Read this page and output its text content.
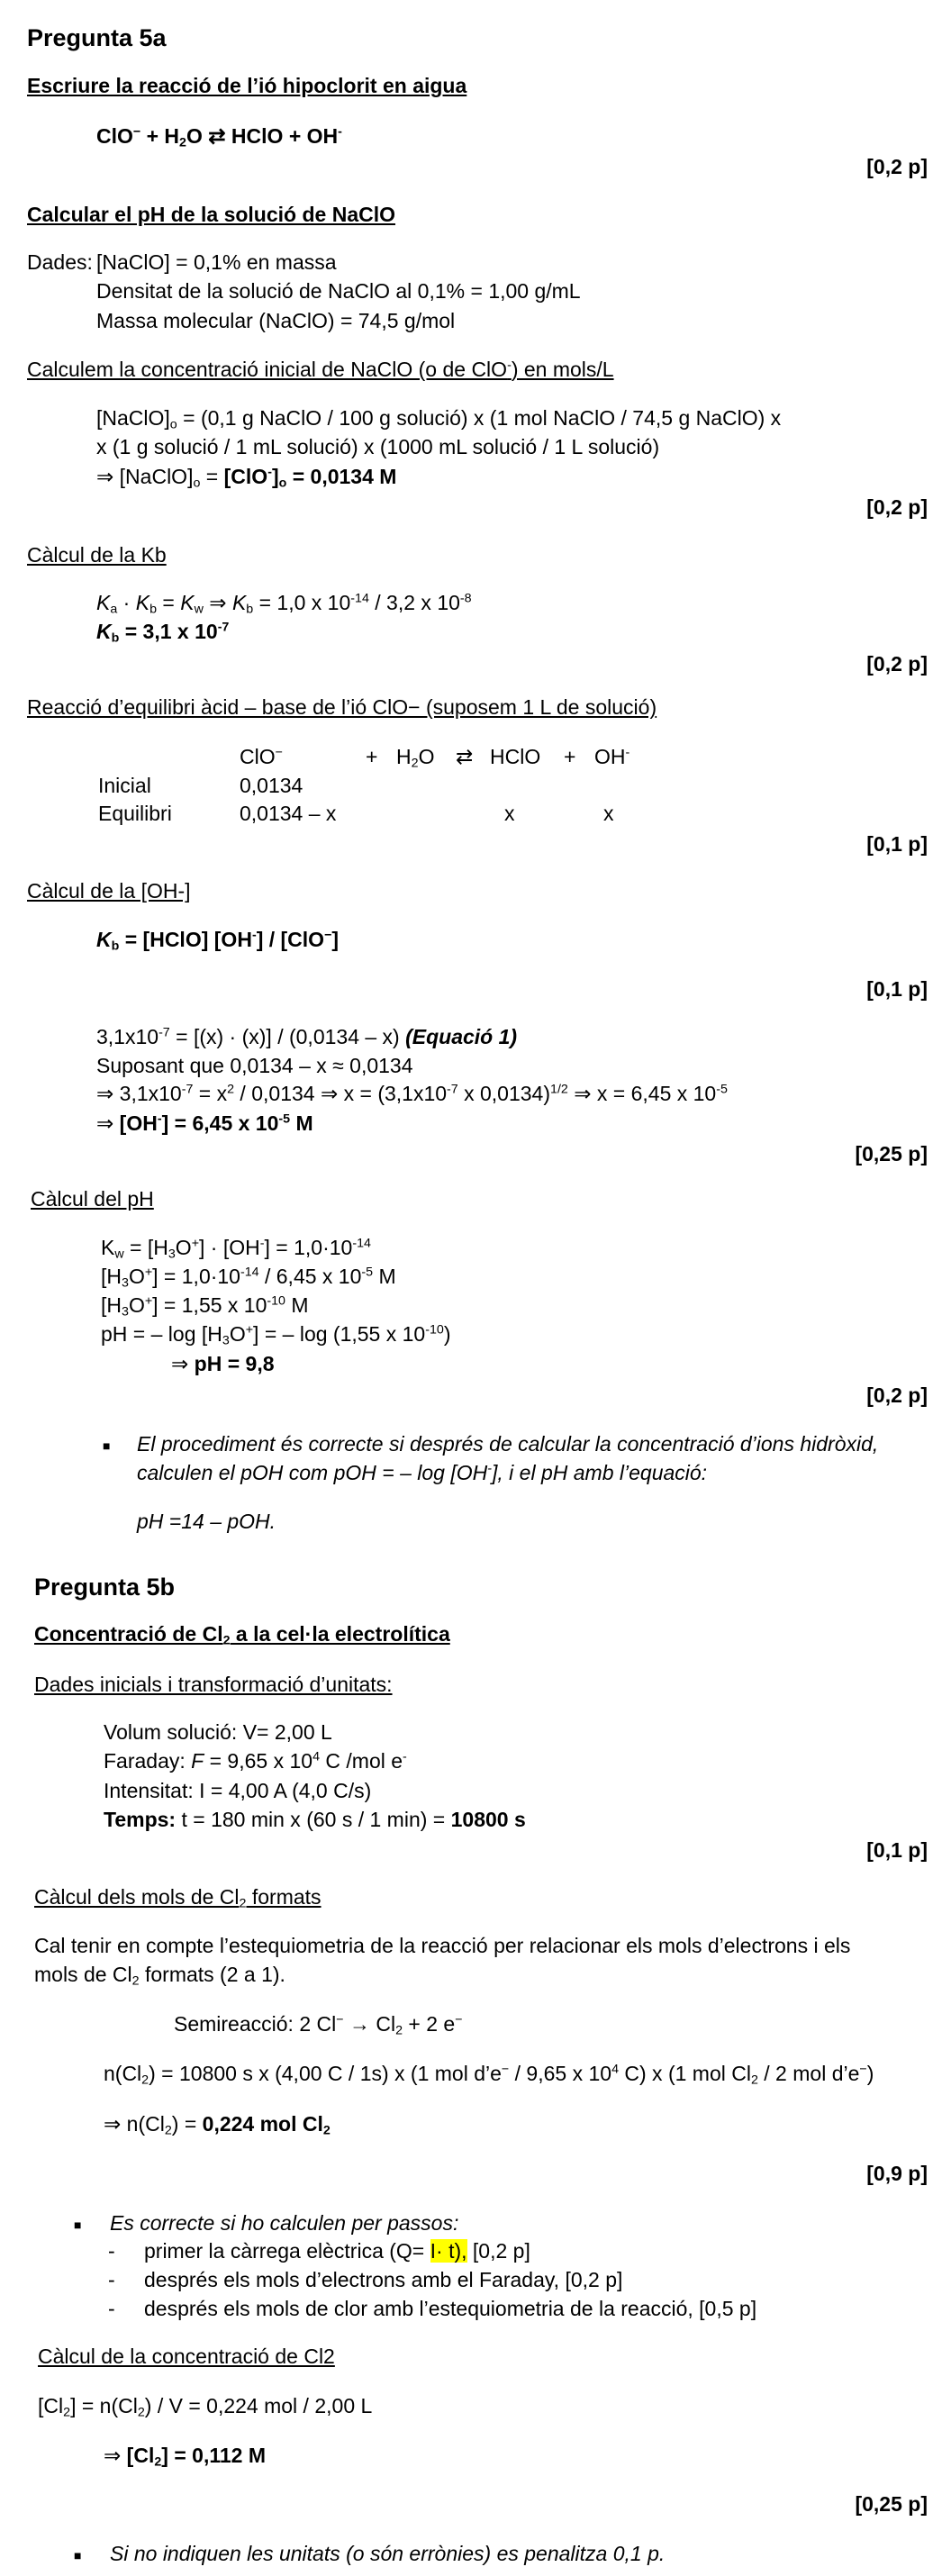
Pregunta 5a
Escriure la reacció de l’ió hipoclorit en aigua
$ClO^- + H_2O$ ⇄ HClO + OH-
[0,2 p]
Calcular el pH de la solució de NaClO
Dades: [NaClO] = 0,1% en massa
Densitat de la solució de NaClO al 0,1% = 1,00 g/mL
Massa molecular (NaClO) = 74,5 g/mol
Calculem la concentració inicial de NaClO (o de ClO-) en mols/L
$[NaClO]_o = (0,1$ g NaClO / 100 g solució) x (1 mol NaClO / 74,5 g NaClO) x
x (1 g solució / 1 mL solució) x (1000 mL solució / 1 L solució)
⇒ $[NaClO]_o = [ClO^-]_o = 0,0134$ M
[0,2 p]
Càlcul de la Kb
$K_a \cdot K_b = K_w$ ⇒ $K_b = 1,0$ x $10^{-14} / 3,2$ x $10^{-8}$
$K_b = 3,1$ x $10^{-7}$
[0,2 p]
Reacció d’equilibri àcid – base de l’ió ClO− (suposem 1 L de solució)
ClO−	+ $H_2O$ ⇄ HClO + OH-
Inicial	0,0134
Equilibri	0,0134 – x	x	x
[0,1 p]
Càlcul de la [OH-]
$K_b$ = [HClO] [OH-] / [ClO−]
[0,1 p]
$3,1x10^{-7} = [(x) \cdot (x)] / (0,0134 - x)$ (Equació 1)
Suposant que 0,0134 – x ≈ 0,0134
⇒ $3,1x10^{-7} = x^2 / 0,0134$ ⇒ $x = (3,1x10^{-7}$ x 0,0134)$^{1/2}$ ⇒ x = 6,45 x $10^{-5}$
⇒ [OH-] = 6,45 x $10^{-5}$ M
[0,25 p]
Càlcul del pH
$K_w = [H_3O^+] \cdot [OH^-] = 1,0\cdot 10^{-14}$
$[H_3O^+] = 1,0\cdot 10^{-14} / 6,45$ x $10^{-5}$ M
$[H_3O^+] = 1,55$ x $10^{-10}$ M
pH = – $\log [H_3O^+]$ = – log (1,55 x $10^{-10}$)
⇒ pH = 9,8
[0,2 p]
■ El procediment és correcte si després de calcular la concentració d’ions hidròxid,
calculen el pOH com pOH = – log [OH-], i el pH amb l’equació:
pH =14 – pOH.
Pregunta 5b
Concentració de $Cl_2$ a la cel·la electrolítica
Dades inicials i transformació d’unitats:
Volum solució: V= 2,00 L
Faraday: F = 9,65 x $10^4$ C /mol e-
Intensitat: I = 4,00 A (4,0 C/s)
Temps: t = 180 min x (60 s / 1 min) = 10800 s
[0,1 p]
Càlcul dels mols de $Cl_2$ formats
Cal tenir en compte l’estequiometria de la reacció per relacionar els mols d’electrons i els
mols de $Cl_2$ formats (2 a 1).
Semireacció: 2 $Cl^- \to Cl_2 + 2$ e−
$n(Cl_2) = 10800$ s x (4,00 C / 1s) x (1 mol d’e− / 9,65 x $10^4$ C) x (1 mol $Cl_2 / 2$ mol d’e−)
⇒ $n(Cl_2) = 0,224$ mol $Cl_2$
[0,9 p]
■ Es correcte si ho calculen per passos:
- primer la càrrega elèctrica (Q= I· t), [0,2 p]
- després els mols d’electrons amb el Faraday, [0,2 p]
- després els mols de clor amb l’estequiometria de la reacció, [0,5 p]
Càlcul de la concentració de Cl2
$[Cl_2] = n(Cl_2) / V = 0,224$ mol / 2,00 L
⇒ $[Cl_2] = 0,112$ M
[0,25 p]
■ Si no indiquen les unitats (o són errònies) es penalitza 0,1 p.
